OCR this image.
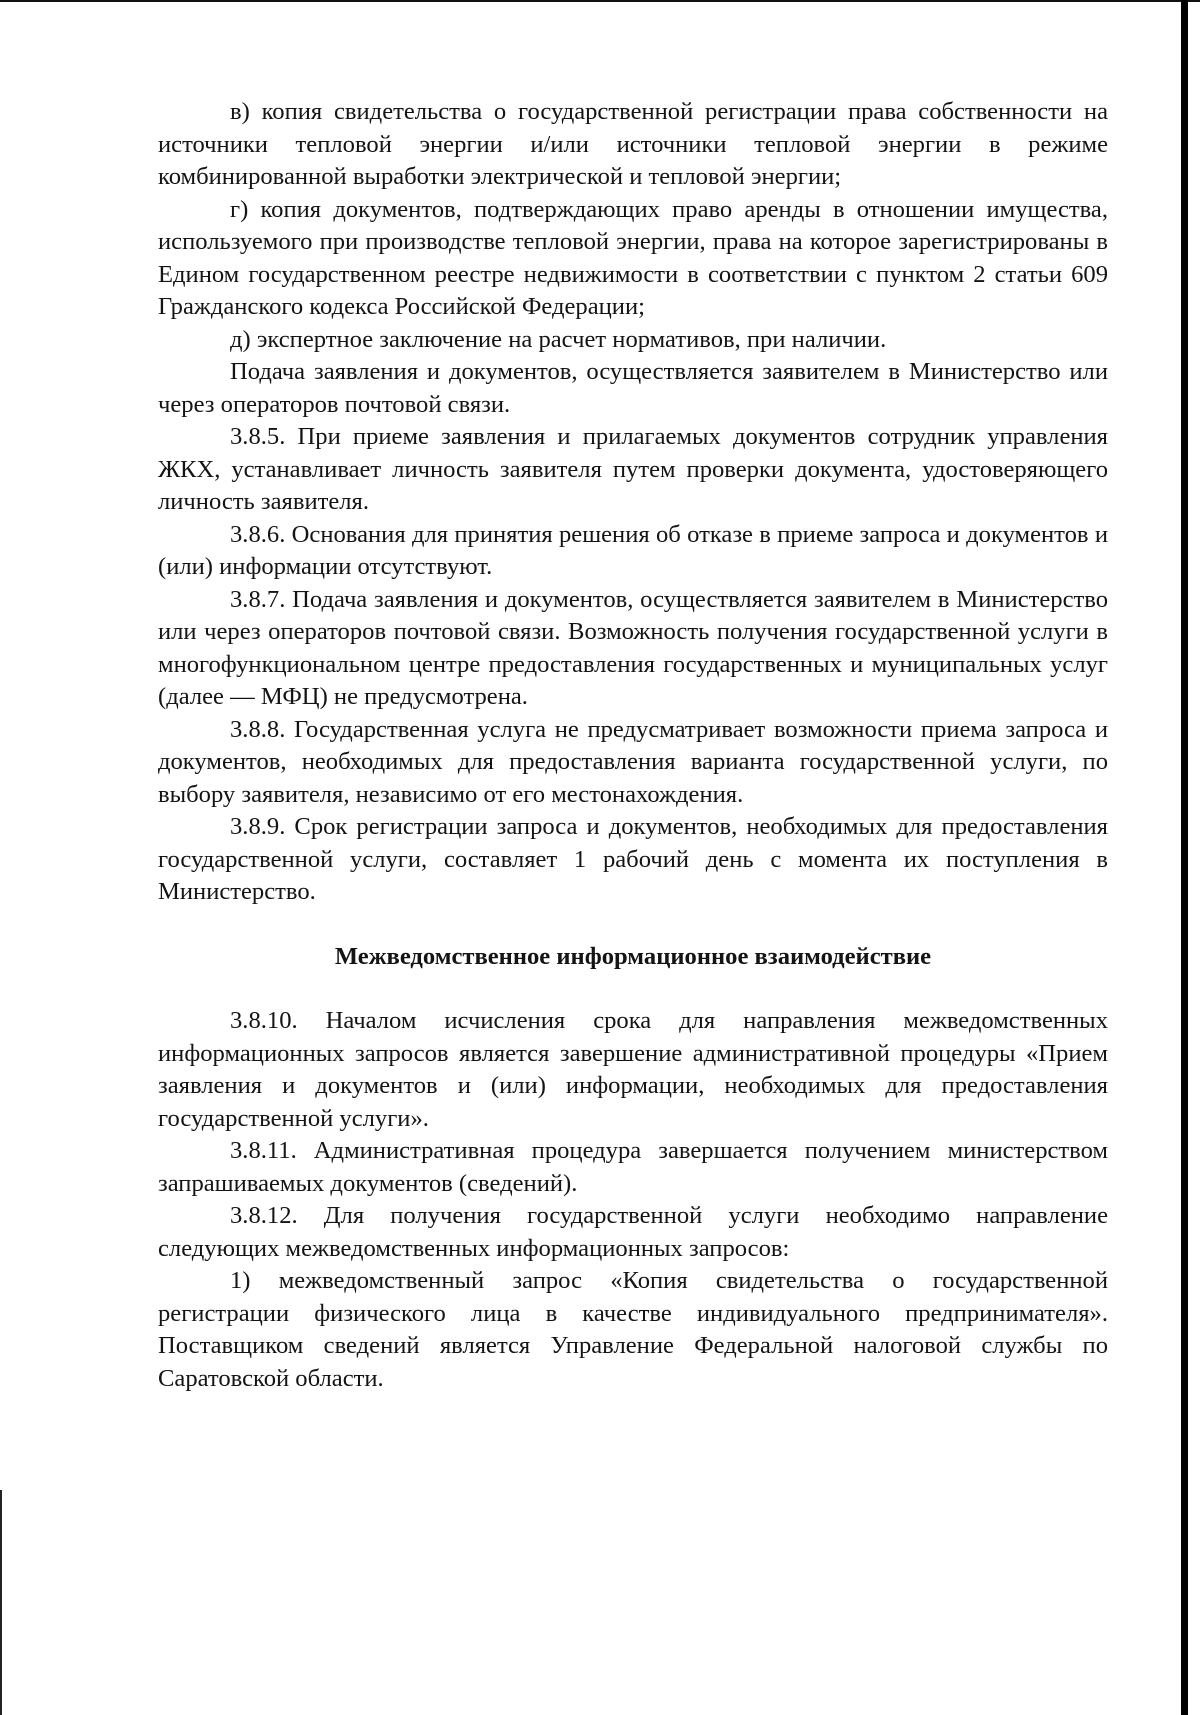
в) копия свидетельства о государственной регистрации права собственности на источники тепловой энергии и/или источники тепловой энергии в режиме комбинированной выработки электрической и тепловой энергии;

г) копия документов, подтверждающих право аренды в отношении имущества, используемого при производстве тепловой энергии, права на которое зарегистрированы в Едином государственном реестре недвижимости в соответствии с пунктом 2 статьи 609 Гражданского кодекса Российской Федерации;

д) экспертное заключение на расчет нормативов, при наличии.

Подача заявления и документов, осуществляется заявителем в Министерство или через операторов почтовой связи.

3.8.5. При приеме заявления и прилагаемых документов сотрудник управления ЖКХ, устанавливает личность заявителя путем проверки документа, удостоверяющего личность заявителя.

3.8.6. Основания для принятия решения об отказе в приеме запроса и документов и (или) информации отсутствуют.

3.8.7. Подача заявления и документов, осуществляется заявителем в Министерство или через операторов почтовой связи. Возможность получения государственной услуги в многофункциональном центре предоставления государственных и муниципальных услуг (далее — МФЦ) не предусмотрена.

3.8.8. Государственная услуга не предусматривает возможности приема запроса и документов, необходимых для предоставления варианта государственной услуги, по выбору заявителя, независимо от его местонахождения.

3.8.9. Срок регистрации запроса и документов, необходимых для предоставления государственной услуги, составляет 1 рабочий день с момента их поступления в Министерство.

Межведомственное информационное взаимодействие

3.8.10. Началом исчисления срока для направления межведомственных информационных запросов является завершение административной процедуры «Прием заявления и документов и (или) информации, необходимых для предоставления государственной услуги».

3.8.11. Административная процедура завершается получением министерством запрашиваемых документов (сведений).

3.8.12. Для получения государственной услуги необходимо направление следующих межведомственных информационных запросов:

1) межведомственный запрос «Копия свидетельства о государственной регистрации физического лица в качестве индивидуального предпринимателя». Поставщиком сведений является Управление Федеральной налоговой службы по Саратовской области.
